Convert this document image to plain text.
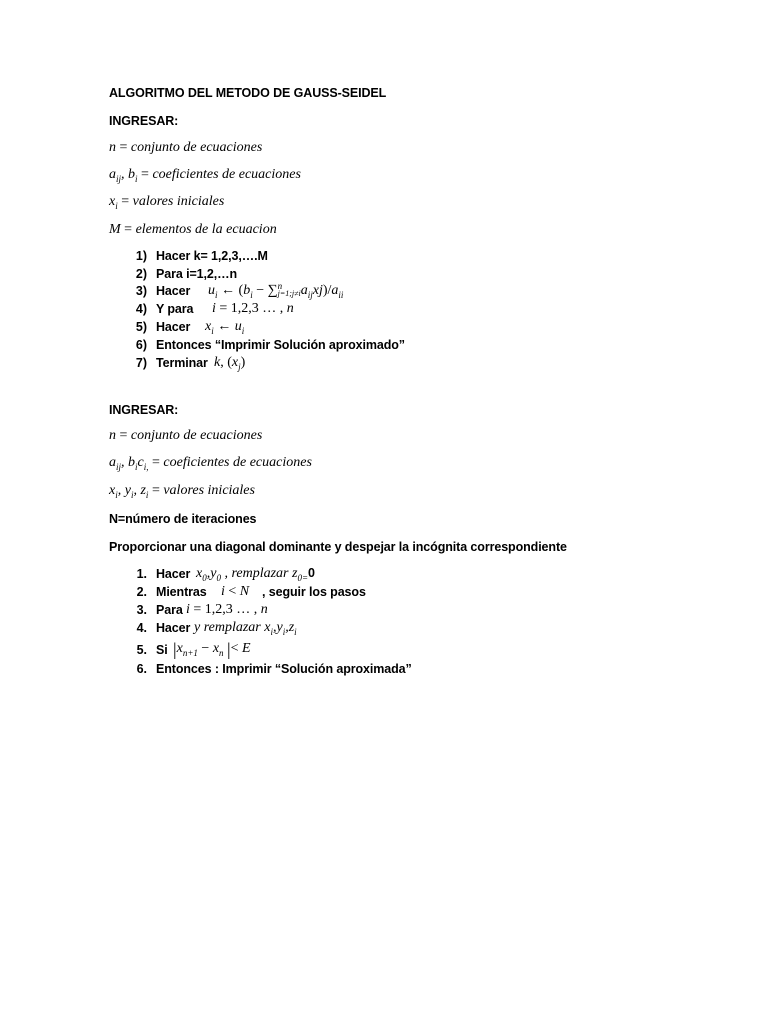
ALGORITMO DEL METODO DE GAUSS-SEIDEL
INGRESAR:
n = conjunto de ecuaciones
$a_{ij}$, $b_i$ = coeficientes de ecuaciones
$x_i$ = valores iniciales
M = elementos de la ecuacion
1) Hacer k= 1,2,3,….M
2) Para i=1,2,…n
3) Hacer $u_i$ ← ($b_i$ − ∑ n
j=1;j≠i $a_{ij}xj)/a_{ii}$
4) Y para i = 1,2,3 … , n
5) Hacer $x_i$ ← $u_i$
6) Entonces “Imprimir Solución aproximado”
7) Terminar k, $(x_j)$
INGRESAR:
n = conjunto de ecuaciones
$a_{ij}$, $b_ic_{i,}$ = coeficientes de ecuaciones
$x_i$, $y_i$, $z_i$ = valores iniciales
N=número de iteraciones
Proporcionar una diagonal dominante y despejar la incógnita correspondiente
1. Hacer $x_0,y_0$ , remplazar $z_{0=}0$
2. Mientras i < N , seguir los pasos
3. Para i = 1,2,3 … , n
4. Hacer y remplazar $x_i,y_i,z_i$
5. Si $|x_{n+1} - x_n$ |< E
6. Entonces : Imprimir “Solución aproximada”
